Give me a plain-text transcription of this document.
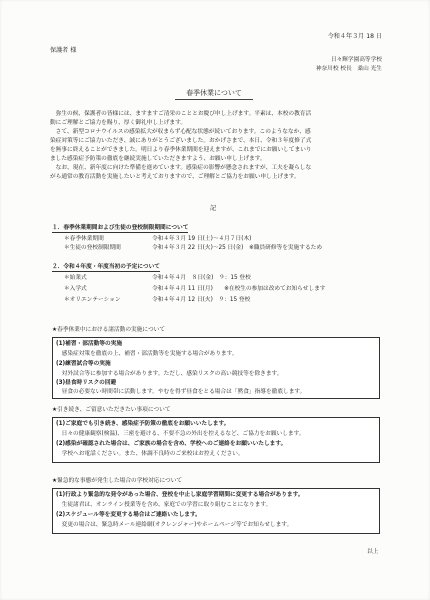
令和４年３月 18 日
保護者 様
日々輝学園高等学校
神奈川校 校長　桑山 光生
春季休業について
　弥生の候、保護者の皆様には、ますますご清栄のこととお慶び申し上げます。平素は、本校の教育活
動にご理解とご協力を賜り、厚く御礼申し上げます。
　さて、新型コロナウイルスの感染拡大が収まらず心配な状態が続いております。このようななか、感
染症対策等にご協力いただき、誠にありがとうございました。おかげさまで、本日、令和３年度修了式
を無事に終えることができました。明日より春季休業期間を迎えますが、これまでにお願いしてまいり
ました感染症予防策の徹底を継続実施していただきますよう、お願い申し上げます。
　なお、現在、新年度に向けた準備を進めています。感染症の影響が懸念されますが、工夫を凝らしな
がら通常の教育活動を実施したいと考えておりますので、ご理解とご協力をお願い申し上げます。
記
１．春季休業期間および生徒の登校制限期間について
＊春季休業期間	令和４年３月 19 日(土)～４月７日(木)
＊生徒の登校制限期間	令和４年３月 22 日(火)～25 日(金)　※職員研修等を実施するため
２．令和４年度・年度当初の予定について
＊始業式	令和４年４月　８日(金)　９：15 登校
＊入学式	令和４年４月 11 日(月)　　※在校生の参加は改めてお知らせします
＊オリエンテーション	令和４年４月 12 日(火)　９：15 登校
★春季休業中における諸活動の実施について
(1)補習・部活動等の実施
　感染症対策を徹底の上、補習・部活動等を実施する場合があります。
(2)練習試合等の実施
　対外試合等に参加する場合があります。ただし、感染リスクの高い競技等を除きます。
(3)昼食時リスクの回避
　昼食の必要ない時間帯に活動します。やむを得ず昼食をとる場合は「黙食」指導を徹底します。
★引き続き、ご留意いただきたい事項について
(1)ご家庭でも引き続き、感染症予防策の徹底をお願いいたします。
　日々の健康観察(検温)、三密を避ける、不要不急の外出を控えるなど、ご協力をお願いします。
(2)感染が確認された場合は、ご家族の場合を含め、学校へのご連絡をお願いいたします。
　学校へお電話ください。また、体調不良時のご来校はお控えください。
★緊急的な事態が発生した場合の学校対応について
(1)行政より緊急的な発令があった場合、登校を中止し家庭学習期間に変更する場合があります。
　生徒諸君は、オンライン授業等を含め、家庭での学習に取り組むことになります。
(2)スケジュール等を変更する場合はご連絡いたします。
　変更の場合は、緊急時メール連絡網(オクレンジャー)やホームページ等でお知らせします。
以上
